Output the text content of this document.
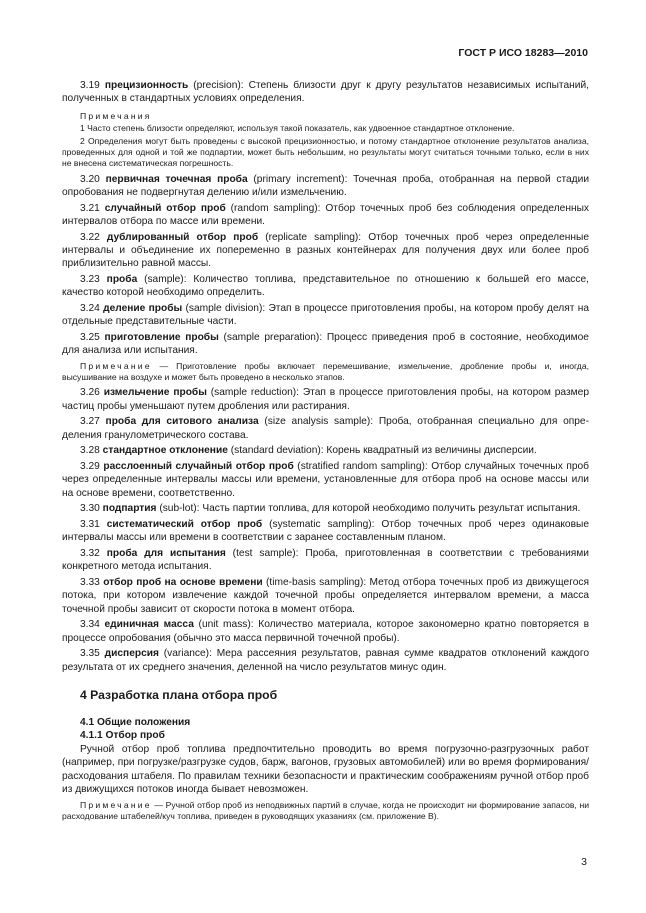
ГОСТ Р ИСО 18283—2010

3.19 прецизионность (precision): Степень близости друг к другу результатов независимых испытаний, полученных в стандартных условиях определения.

Примечания

1 Часто степень близости определяют, используя такой показатель, как удвоенное стандартное отклонение.

2 Определения могут быть проведены с высокой прецизионностью, и потому стандартное отклонение результатов анализа, проведенных для одной и той же подпартии, может быть небольшим, но результаты могут считаться точными только, если в них не внесена систематическая погрешность.

3.20 первичная точечная проба (primary increment): Точечная проба, отобранная на первой стадии опробования не подвергнутая делению и/или измельчению.

3.21 случайный отбор проб (random sampling): Отбор точечных проб без соблюдения определенных интервалов отбора по массе или времени.

3.22 дублированный отбор проб (replicate sampling): Отбор точечных проб через определенные интервалы и объединение их попеременно в разных контейнерах для получения двух или более проб приблизительно равной массы.

3.23 проба (sample): Количество топлива, представительное по отношению к большей его массе, качество которой необходимо определить.

3.24 деление пробы (sample division): Этап в процессе приготовления пробы, на котором пробу делят на отдельные представительные части.

3.25 приготовление пробы (sample preparation): Процесс приведения проб в состояние, необходимое для анализа или испытания.

Примечание — Приготовление пробы включает перемешивание, измельчение, дробление пробы и, иногда, высушивание на воздухе и может быть проведено в несколько этапов.

3.26 измельчение пробы (sample reduction): Этап в процессе приготовления пробы, на котором размер частиц пробы уменьшают путем дробления или растирания.

3.27 проба для ситового анализа (size analysis sample): Проба, отобранная специально для определения гранулометрического состава.

3.28 стандартное отклонение (standard deviation): Корень квадратный из величины дисперсии.

3.29 расслоенный случайный отбор проб (stratified random sampling): Отбор случайных точечных проб через определенные интервалы массы или времени, установленные для отбора проб на основе массы или на основе времени, соответственно.

3.30 подпартия (sub-lot): Часть партии топлива, для которой необходимо получить результат испытания.

3.31 систематический отбор проб (systematic sampling): Отбор точечных проб через одинаковые интервалы массы или времени в соответствии с заранее составленным планом.

3.32 проба для испытания (test sample): Проба, приготовленная в соответствии с требованиями конкретного метода испытания.

3.33 отбор проб на основе времени (time-basis sampling): Метод отбора точечных проб из движущегося потока, при котором извлечение каждой точечной пробы определяется интервалом времени, а масса точечной пробы зависит от скорости потока в момент отбора.

3.34 единичная масса (unit mass): Количество материала, которое закономерно кратно повторяется в процессе опробования (обычно это масса первичной точечной пробы).

3.35 дисперсия (variance): Мера рассеяния результатов, равная сумме квадратов отклонений каждого результата от их среднего значения, деленной на число результатов минус один.

4 Разработка плана отбора проб

4.1 Общие положения

4.1.1 Отбор проб

Ручной отбор проб топлива предпочтительно проводить во время погрузочно-разгрузочных работ (например, при погрузке/разгрузке судов, барж, вагонов, грузовых автомобилей) или во время формирования/расходования штабеля. По правилам техники безопасности и практическим соображениям ручной отбор проб из движущихся потоков иногда бывает невозможен.

Примечание — Ручной отбор проб из неподвижных партий в случае, когда не происходит ни формирование запасов, ни расходование штабелей/куч топлива, приведен в руководящих указаниях (см. приложение В).

3
